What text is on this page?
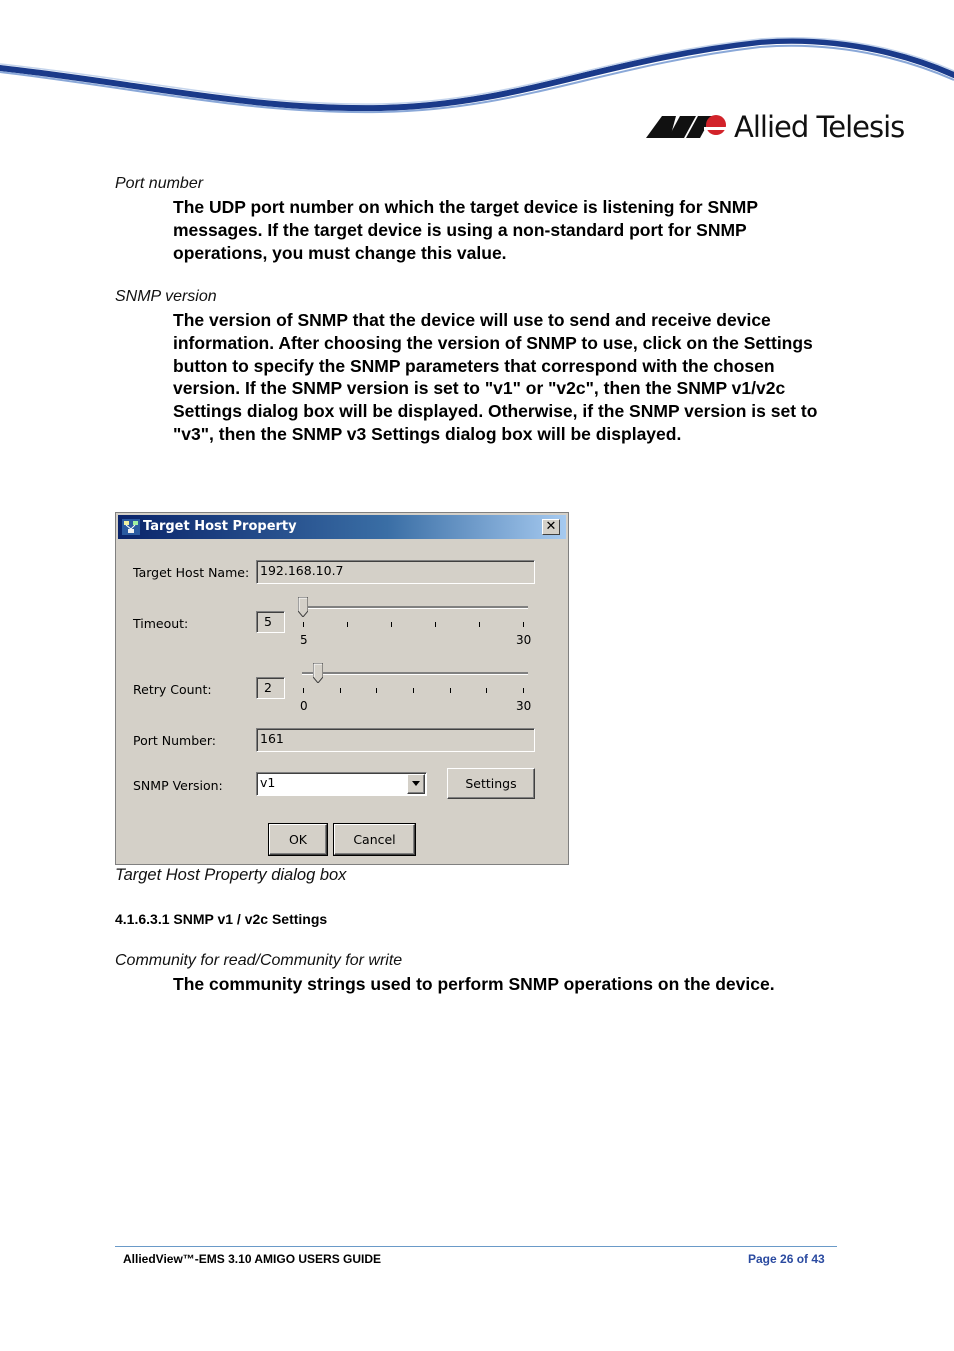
Allied Telesis
Port number
The UDP port number on which the target device is listening for SNMP messages. If the target device is using a non-standard port for SNMP operations, you must change this value.
SNMP version
The version of SNMP that the device will use to send and receive device information. After choosing the version of SNMP to use, click on the Settings button to specify the SNMP parameters that correspond with the chosen version. If the SNMP version is set to "v1" or "v2c", then the SNMP v1/v2c Settings dialog box will be displayed. Otherwise, if the SNMP version is set to "v3", then the SNMP v3 Settings dialog box will be displayed.
Target Host Property	✕
Target Host Name: 192.168.10.7
Timeout:	5
5	30
Retry Count:	2
0	30
Port Number:	161
SNMP Version:	v1	Settings
OK	Cancel
Target Host Property dialog box
4.1.6.3.1 SNMP v1 / v2c Settings
Community for read/Community for write
The community strings used to perform SNMP operations on the device.
AlliedView™-EMS 3.10 AMIGO USERS GUIDE	Page 26 of 43
